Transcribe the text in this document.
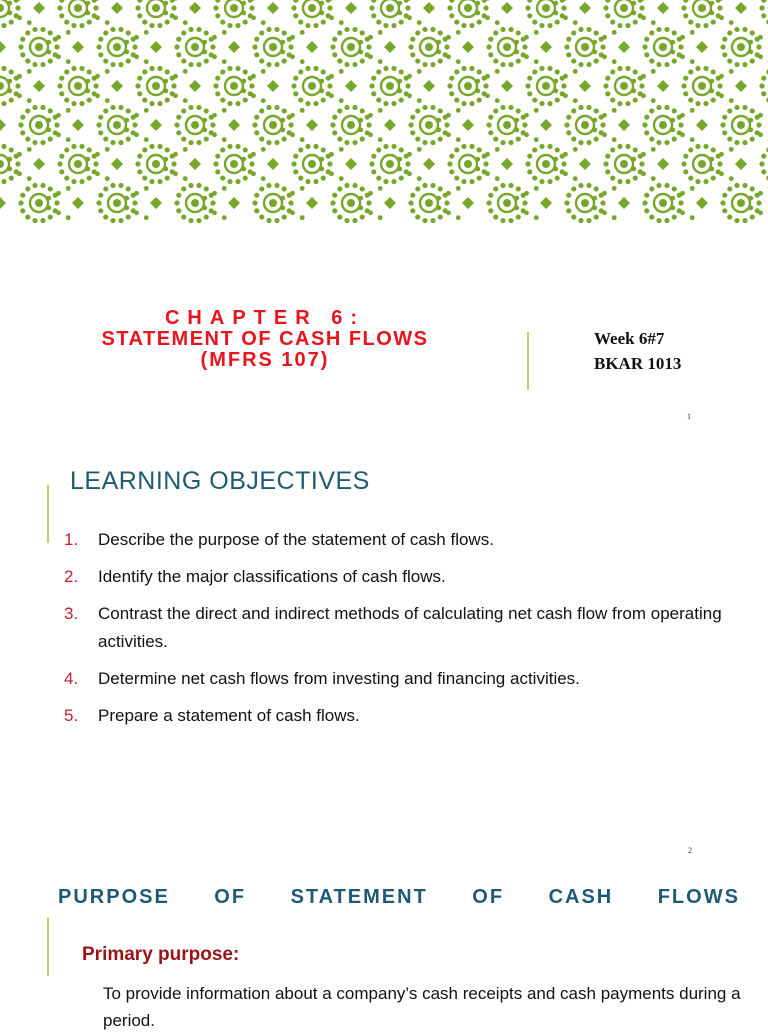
CHAPTER 6:
STATEMENT OF CASH FLOWS
(MFRS 107)
Week 6#7
BKAR 1013
1
LEARNING OBJECTIVES
1.	Describe the purpose of the statement of cash flows.
2.	Identify the major classifications of cash flows.
3.	Contrast the direct and indirect methods of calculating net cash flow from operating activities.
4.	Determine net cash flows from investing and financing activities.
5.	Prepare a statement of cash flows.
2
PURPOSE OF STATEMENT OF CASH FLOWS
Primary purpose:
To provide information about a company’s cash receipts and cash payments during a period.
